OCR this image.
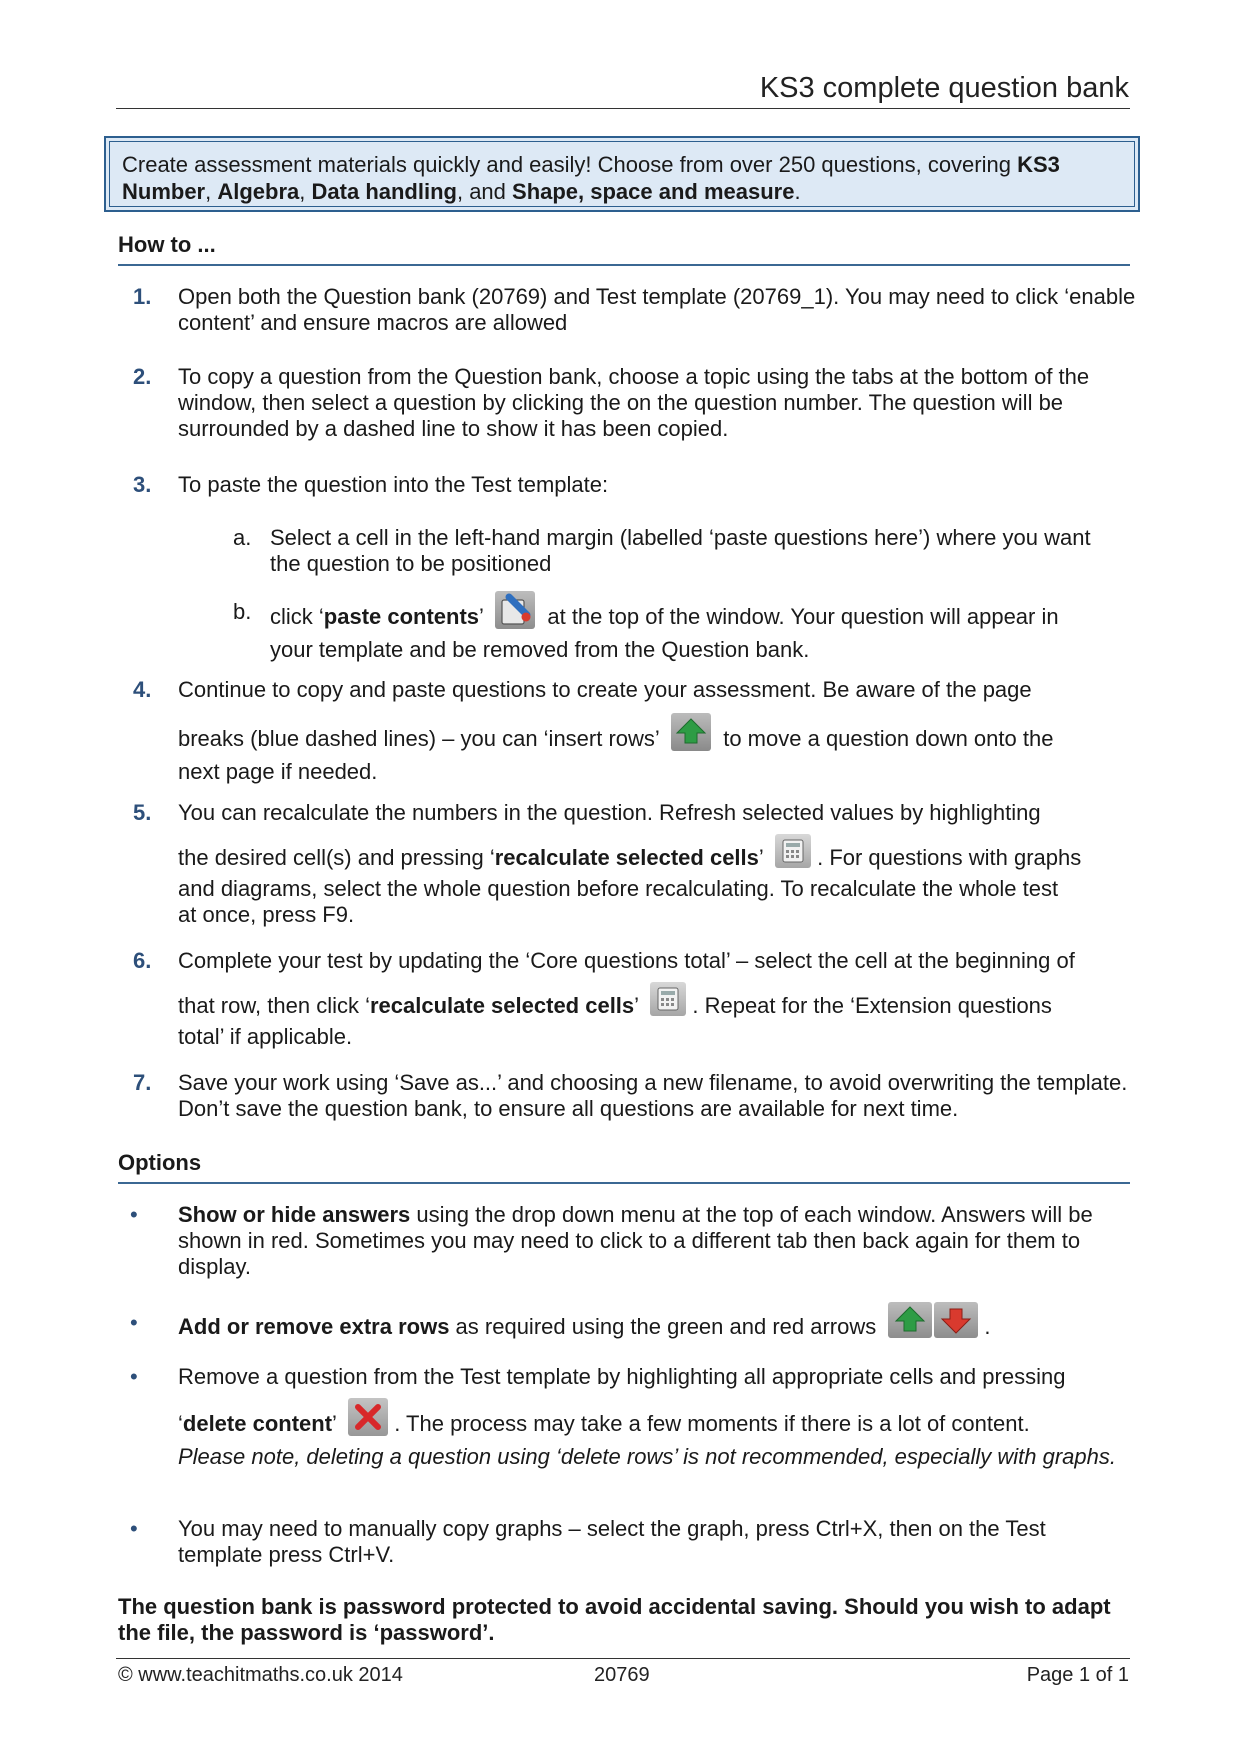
KS3 complete question bank
Create assessment materials quickly and easily! Choose from over 250 questions, covering KS3 Number, Algebra, Data handling, and Shape, space and measure.
How to ...
1. Open both the Question bank (20769) and Test template (20769_1). You may need to click ‘enable content’ and ensure macros are allowed
2. To copy a question from the Question bank, choose a topic using the tabs at the bottom of the window, then select a question by clicking the on the question number. The question will be surrounded by a dashed line to show it has been copied.
3. To paste the question into the Test template:
a. Select a cell in the left-hand margin (labelled ‘paste questions here’) where you want the question to be positioned
b. click ‘paste contents’	at the top of the window. Your question will appear in
your template and be removed from the Question bank.
4. Continue to copy and paste questions to create your assessment. Be aware of the page
breaks (blue dashed lines) – you can ‘insert rows’	to move a question down onto the
next page if needed.
5. You can recalculate the numbers in the question. Refresh selected values by highlighting
the desired cell(s) and pressing ‘recalculate selected cells’ . For questions with graphs
and diagrams, select the whole question before recalculating. To recalculate the whole test
at once, press F9.
6. Complete your test by updating the ‘Core questions total’ – select the cell at the beginning of
that row, then click ‘recalculate selected cells’ . Repeat for the ‘Extension questions
total’ if applicable.
7. Save your work using ‘Save as...’ and choosing a new filename, to avoid overwriting the template. Don’t save the question bank, to ensure all questions are available for next time.
Options
• Show or hide answers using the drop down menu at the top of each window. Answers will be shown in red. Sometimes you may need to click to a different tab then back again for them to display.
• Add or remove extra rows as required using the green and red arrows	.
• Remove a question from the Test template by highlighting all appropriate cells and pressing
‘delete content’	. The process may take a few moments if there is a lot of content.
Please note, deleting a question using ‘delete rows’ is not recommended, especially with graphs.
• You may need to manually copy graphs – select the graph, press Ctrl+X, then on the Test template press Ctrl+V.
The question bank is password protected to avoid accidental saving. Should you wish to adapt the file, the password is ‘password’.
© www.teachitmaths.co.uk 2014	20769	Page 1 of 1
